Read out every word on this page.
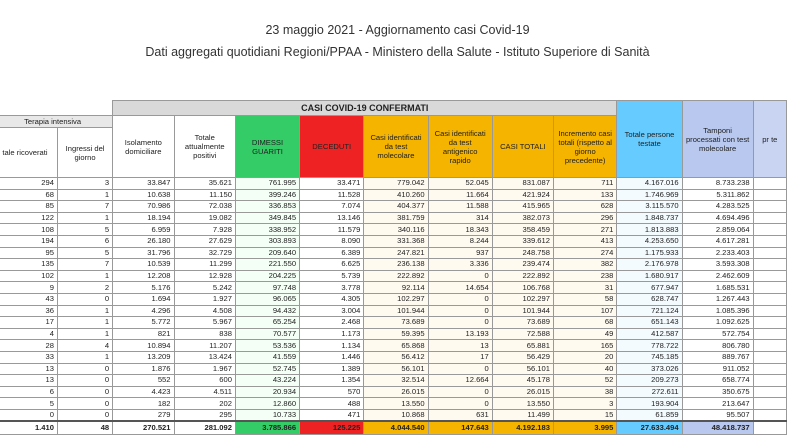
23 maggio 2021 - Aggiornamento casi Covid-19
Dati aggregati quotidiani Regioni/PPAA - Ministero della Salute - Istituto Superiore di Sanità
		CASI COVID-19 CONFERMATI								Totale persone testate	Tamponi processati con test molecolare	pr te
Terapia intensiva		Isolamento domiciliare	Totale attualmente positivi	DIMESSI GUARITI	DECEDUTI	Casi identificati da test molecolare	Casi identificati da test antigenico rapido	CASI TOTALI	Incremento casi totali (rispetto al giorno precedente)			
tale ricoverati	Ingressi del giorno											
294	3	33.847	35.621	761.995	33.471	779.042	52.045	831.087	711	4.167.016	8.733.238	
68	1	10.638	11.150	399.246	11.528	410.260	11.664	421.924	133	1.746.969	5.311.862	
85	7	70.986	72.038	336.853	7.074	404.377	11.588	415.965	628	3.115.570	4.283.525	
122	1	18.194	19.082	349.845	13.146	381.759	314	382.073	296	1.848.737	4.694.496	
108	5	6.959	7.928	338.952	11.579	340.116	18.343	358.459	271	1.813.883	2.859.064	
194	6	26.180	27.629	303.893	8.090	331.368	8.244	339.612	413	4.253.650	4.617.281	
95	5	31.796	32.729	209.640	6.389	247.821	937	248.758	274	1.175.933	2.233.403	
135	7	10.539	11.299	221.550	6.625	236.138	3.336	239.474	382	2.176.978	3.593.308	
102	1	12.208	12.928	204.225	5.739	222.892	0	222.892	238	1.680.917	2.462.609	
9	2	5.176	5.242	97.748	3.778	92.114	14.654	106.768	31	677.947	1.685.531	
43	0	1.694	1.927	96.065	4.305	102.297	0	102.297	58	628.747	1.267.443	
36	1	4.296	4.508	94.432	3.004	101.944	0	101.944	107	721.124	1.085.396	
17	1	5.772	5.967	65.254	2.468	73.689	0	73.689	68	651.143	1.092.625	
4	1	821	838	70.577	1.173	59.395	13.193	72.588	49	412.587	572.754	
28	4	10.894	11.207	53.536	1.134	65.868	13	65.881	165	778.722	806.780	
33	1	13.209	13.424	41.559	1.446	56.412	17	56.429	20	745.185	889.767	
13	0	1.876	1.967	52.745	1.389	56.101	0	56.101	40	373.026	911.052	
13	0	552	600	43.224	1.354	32.514	12.664	45.178	52	209.273	658.774	
6	0	4.423	4.511	20.934	570	26.015	0	26.015	38	272.611	350.675	
5	0	182	202	12.860	488	13.550	0	13.550	3	193.904	213.647	
0	0	279	295	10.733	471	10.868	631	11.499	15	61.859	95.507	
1.410	48	270.521	281.092	3.785.866	125.225	4.044.540	147.643	4.192.183	3.995	27.633.494	48.418.737	
